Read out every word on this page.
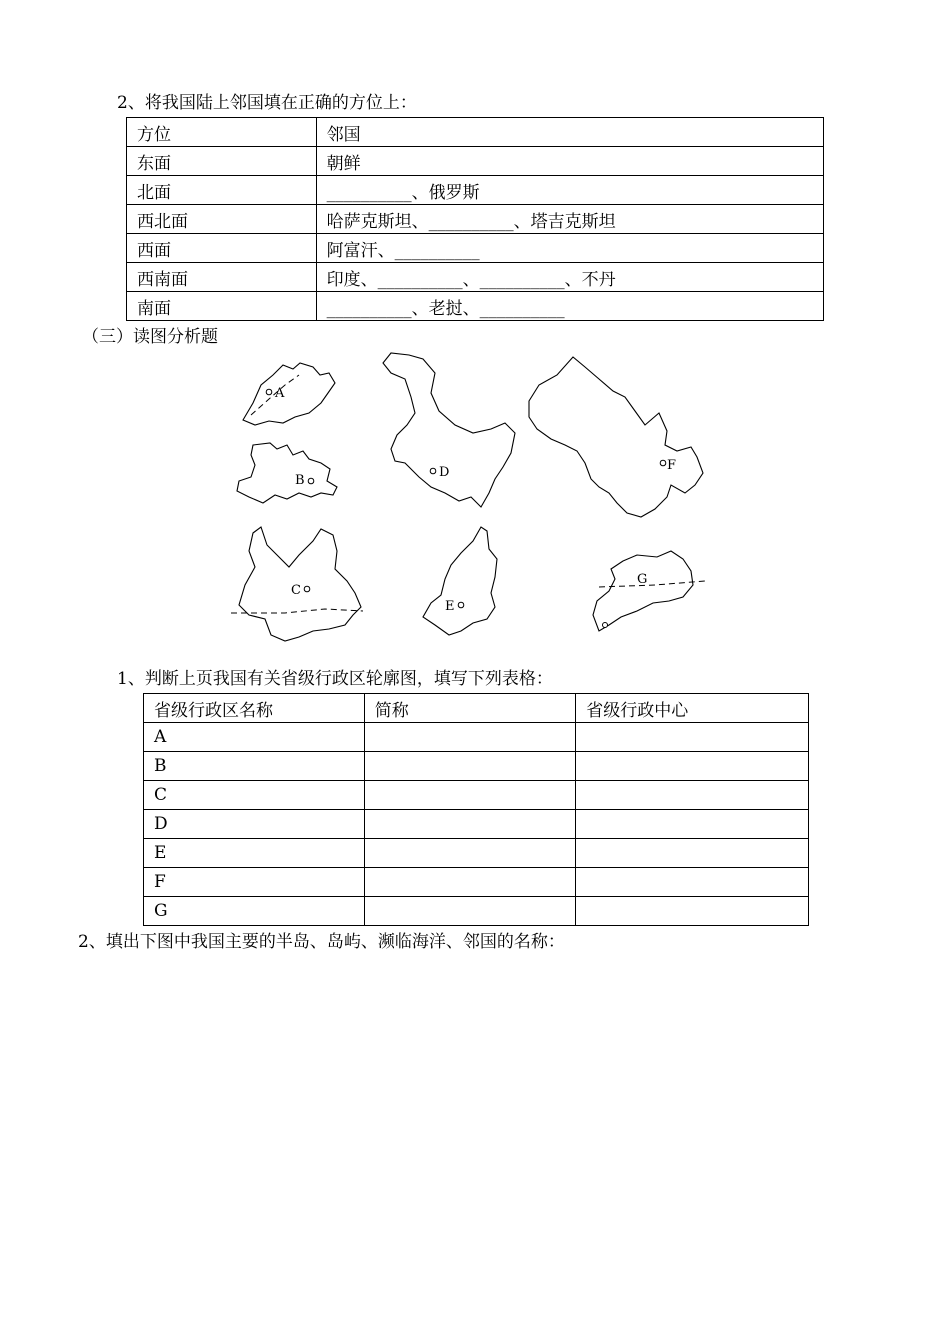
2、将我国陆上邻国填在正确的方位上：
方位	邻国
东面	朝鲜
北面	__________、俄罗斯
西北面	哈萨克斯坦、__________、塔吉克斯坦
西面	阿富汗、__________
西南面	印度、__________、__________、不丹
南面	__________、老挝、__________
（三）读图分析题
A
B
C
D
E
F
G
1、判断上页我国有关省级行政区轮廓图，填写下列表格：
省级行政区名称	简称	省级行政中心
A		
B		
C		
D		
E		
F		
G		
2、填出下图中我国主要的半岛、岛屿、濒临海洋、邻国的名称：
